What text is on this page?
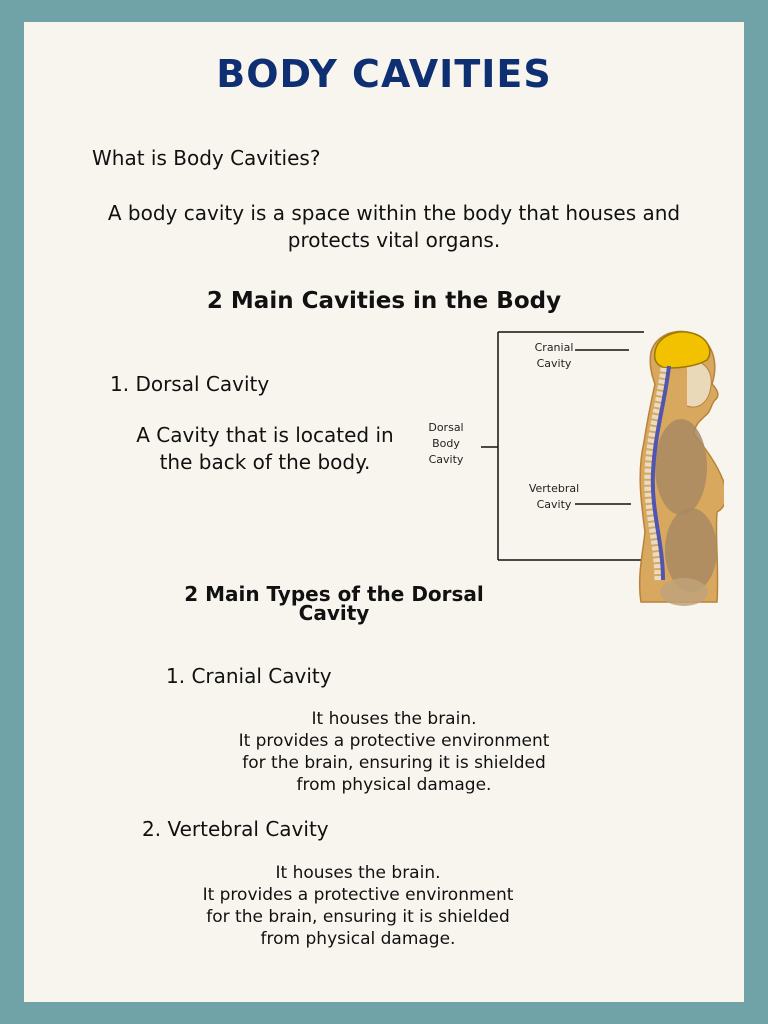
BODY CAVITIES
What is Body Cavities?
A body cavity is a space within the body that houses and protects vital organs.
2 Main Cavities in the Body
1. Dorsal Cavity
A Cavity that is located in the back of the body.
Dorsal
Body
Cavity
Cranial
Cavity
Vertebral
Cavity
2 Main Types of the Dorsal
Cavity
1. Cranial Cavity
It houses the brain.
It provides a protective environment
for the brain, ensuring it is shielded
from physical damage.
2. Vertebral Cavity
It houses the brain.
It provides a protective environment
for the brain, ensuring it is shielded
from physical damage.
